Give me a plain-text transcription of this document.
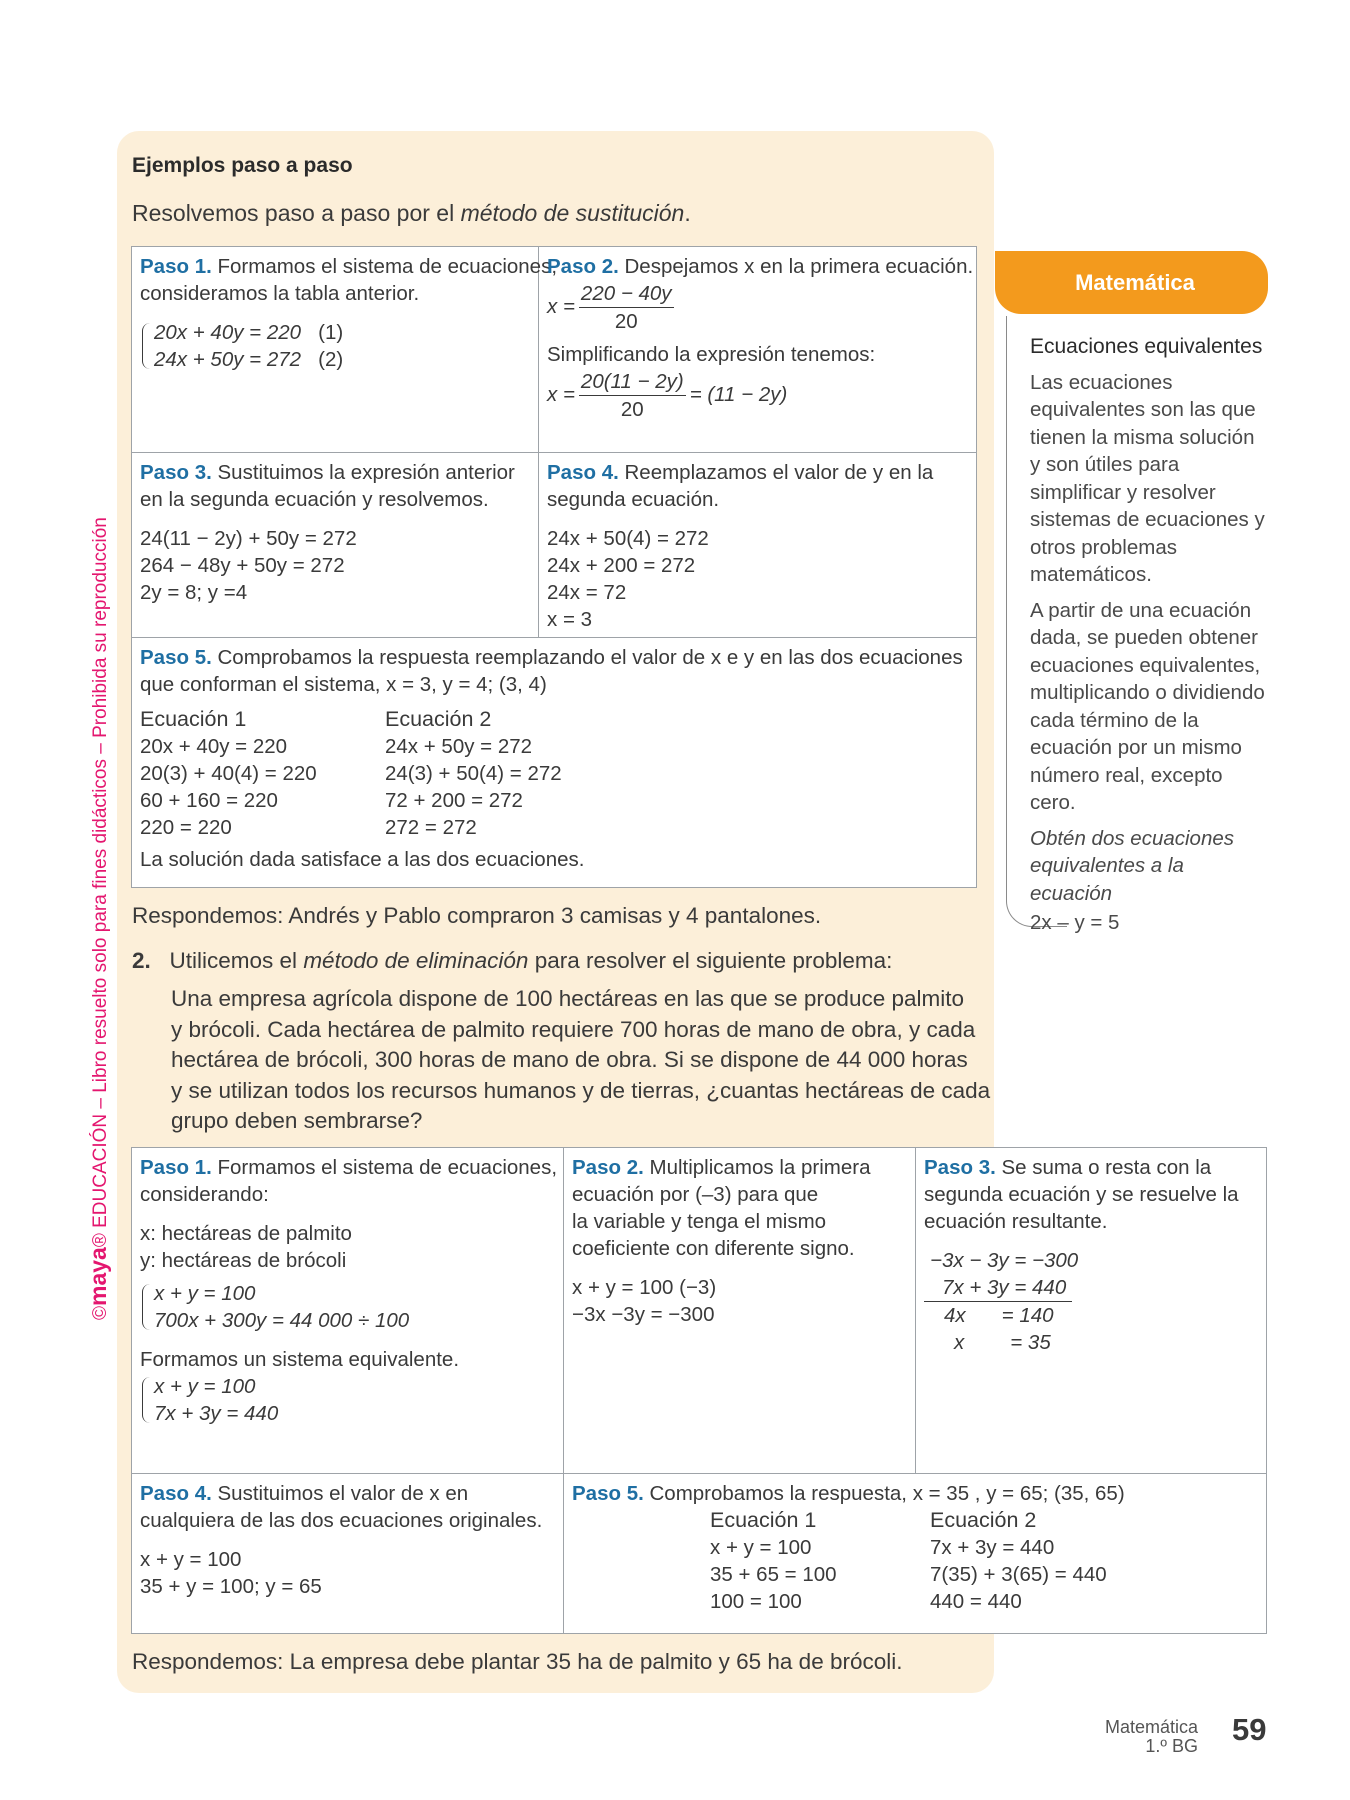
©maya® EDUCACIÓN – Libro resuelto solo para fines didácticos – Prohibida su reproducción
Ejemplos paso a paso
Resolvemos paso a paso por el método de sustitución.
Paso 1. Formamos el sistema de ecuaciones,
consideramos la tabla anterior.
20x + 40y = 220 (1)
24x + 50y = 272 (2)
Paso 2. Despejamos x en la primera ecuación.
$x = \frac{220 - 40y}{20}$
Simplificando la expresión tenemos:
$x = \frac{20(11 - 2y)}{20} = (11 - 2y)$
Paso 3. Sustituimos la expresión anterior
en la segunda ecuación y resolvemos.
24(11 − 2y) + 50y = 272
264 − 48y + 50y = 272
2y = 8; y =4
Paso 4. Reemplazamos el valor de y en la
segunda ecuación.
24x + 50(4) = 272
24x + 200 = 272
24x = 72
x = 3
Paso 5. Comprobamos la respuesta reemplazando el valor de x e y en las dos ecuaciones
que conforman el sistema, x = 3, y = 4; (3, 4)
Ecuación 1
20x + 40y = 220
20(3) + 40(4) = 220
60 + 160 = 220
220 = 220
Ecuación 2
24x + 50y = 272
24(3) + 50(4) = 272
72 + 200 = 272
272 = 272
La solución dada satisface a las dos ecuaciones.
Respondemos: Andrés y Pablo compraron 3 camisas y 4 pantalones.
2. Utilicemos el método de eliminación para resolver el siguiente problema:
Una empresa agrícola dispone de 100 hectáreas en las que se produce palmito
y brócoli. Cada hectárea de palmito requiere 700 horas de mano de obra, y cada
hectárea de brócoli, 300 horas de mano de obra. Si se dispone de 44 000 horas
y se utilizan todos los recursos humanos y de tierras, ¿cuantas hectáreas de cada
grupo deben sembrarse?
Paso 1. Formamos el sistema de ecuaciones,
considerando:
x: hectáreas de palmito
y: hectáreas de brócoli
x + y = 100
700x + 300y = 44 000 ÷ 100
Formamos un sistema equivalente.
x + y = 100
7x + 3y = 440
Paso 2. Multiplicamos la primera
ecuación por (–3) para que
la variable y tenga el mismo
coeficiente con diferente signo.
x + y = 100 (−3)
−3x −3y = −300
Paso 3. Se suma o resta con la
segunda ecuación y se resuelve la
ecuación resultante.
−3x − 3y = −300
7x + 3y = 440
4x = 140
x = 35
Paso 4. Sustituimos el valor de x en
cualquiera de las dos ecuaciones originales.
x + y = 100
35 + y = 100; y = 65
Paso 5. Comprobamos la respuesta, x = 35 , y = 65; (35, 65)
Ecuación 1
x + y = 100
35 + 65 = 100
100 = 100
Ecuación 2
7x + 3y = 440
7(35) + 3(65) = 440
440 = 440
Respondemos: La empresa debe plantar 35 ha de palmito y 65 ha de brócoli.
Matemática

Ecuaciones equivalentes

Las ecuaciones equivalentes son las que tienen la misma solución y son útiles para simplificar y resolver sistemas de ecuaciones y otros problemas matemáticos.

A partir de una ecuación dada, se pueden obtener ecuaciones equivalentes, multiplicando o dividiendo cada término de la ecuación por un mismo número real, excepto cero.

Obtén dos ecuaciones equivalentes a la ecuación

2x – y = 5

Matemática
1.º BG 59
